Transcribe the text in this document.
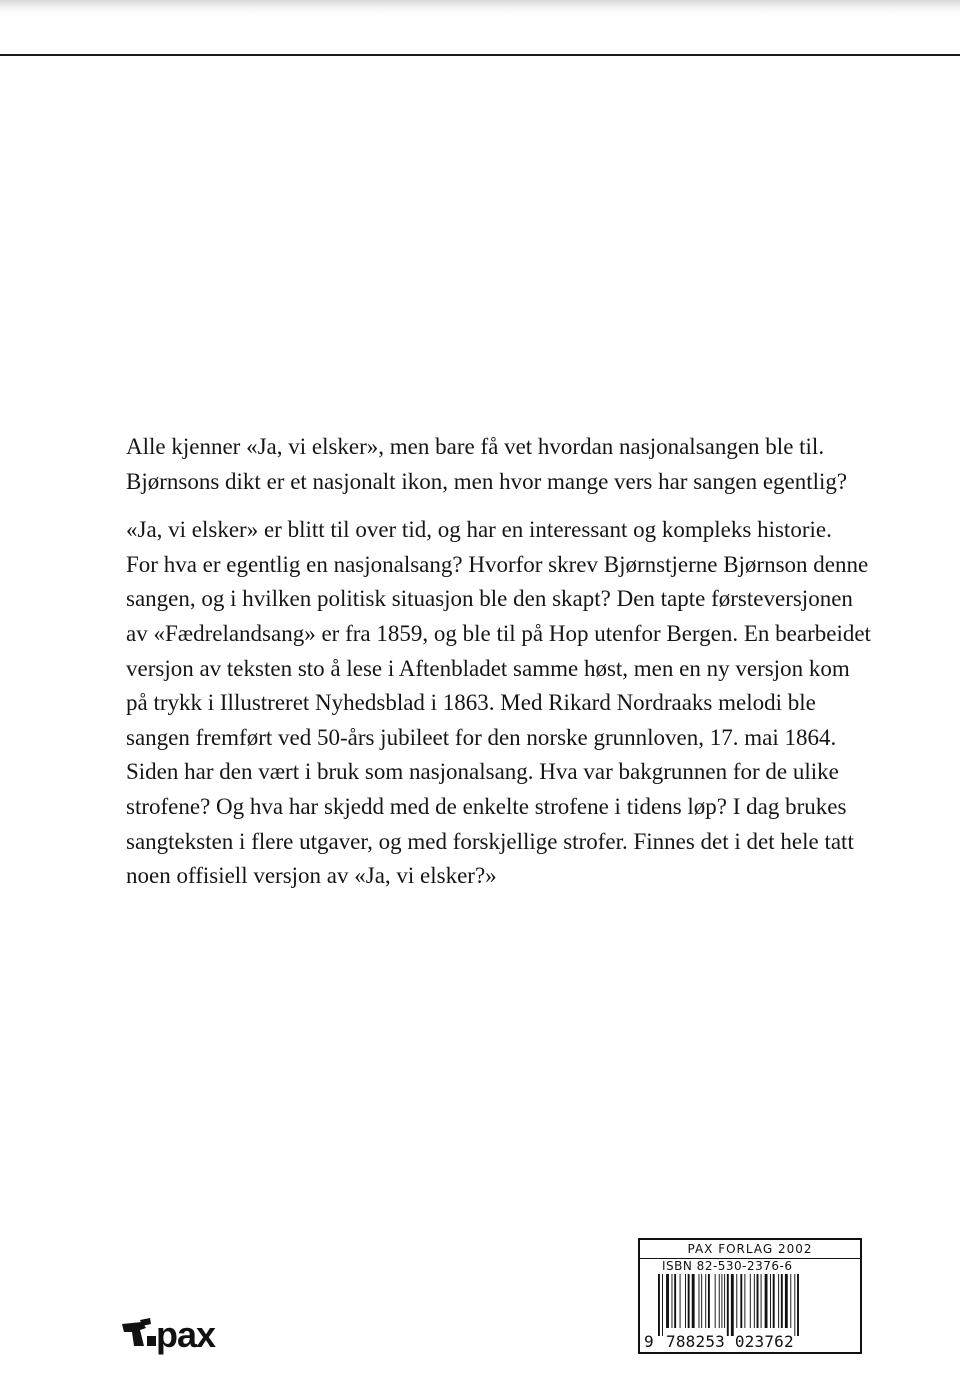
Alle kjenner «Ja, vi elsker», men bare få vet hvordan nasjonalsangen ble til.
Bjørnsons dikt er et nasjonalt ikon, men hvor mange vers har sangen egentlig?

«Ja, vi elsker» er blitt til over tid, og har en interessant og kompleks historie.
For hva er egentlig en nasjonalsang? Hvorfor skrev Bjørnstjerne Bjørnson denne
sangen, og i hvilken politisk situasjon ble den skapt? Den tapte førsteversjonen
av «Fædrelandsang» er fra 1859, og ble til på Hop utenfor Bergen. En bearbeidet
versjon av teksten sto å lese i Aftenbladet samme høst, men en ny versjon kom
på trykk i Illustreret Nyhedsblad i 1863. Med Rikard Nordraaks melodi ble
sangen fremført ved 50-års jubileet for den norske grunnloven, 17. mai 1864.
Siden har den vært i bruk som nasjonalsang. Hva var bakgrunnen for de ulike
strofene? Og hva har skjedd med de enkelte strofene i tidens løp? I dag brukes
sangteksten i flere utgaver, og med forskjellige strofer. Finnes det i det hele tatt
noen offisiell versjon av «Ja, vi elsker?»

pax
PAX FORLAG 2002
ISBN 82-530-2376-6
9 788253 023762
